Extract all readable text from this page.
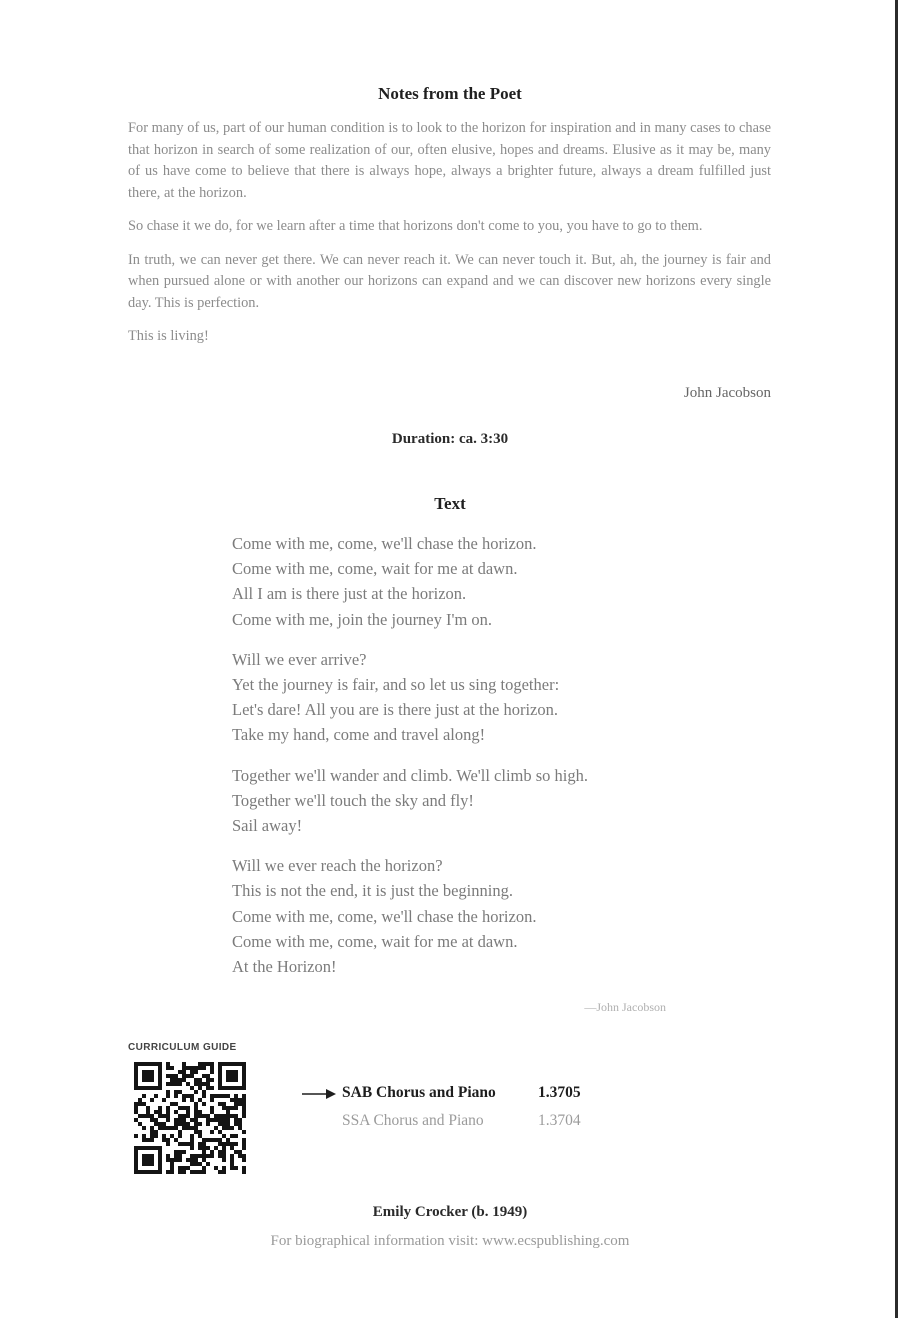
Notes from the Poet

For many of us, part of our human condition is to look to the horizon for inspiration and in many cases to chase that horizon in search of some realization of our, often elusive, hopes and dreams. Elusive as it may be, many of us have come to believe that there is always hope, always a brighter future, always a dream fulfilled just there, at the horizon.

So chase it we do, for we learn after a time that horizons don't come to you, you have to go to them.

In truth, we can never get there. We can never reach it. We can never touch it. But, ah, the journey is fair and when pursued alone or with another our horizons can expand and we can discover new horizons every single day. This is perfection.

This is living!

John Jacobson
Duration: ca. 3:30
Text
Come with me, come, we'll chase the horizon.
Come with me, come, wait for me at dawn.
All I am is there just at the horizon.
Come with me, join the journey I'm on.
Will we ever arrive?
Yet the journey is fair, and so let us sing together:
Let's dare! All you are is there just at the horizon.
Take my hand, come and travel along!
Together we'll wander and climb. We'll climb so high.
Together we'll touch the sky and fly!
Sail away!
Will we ever reach the horizon?
This is not the end, it is just the beginning.
Come with me, come, we'll chase the horizon.
Come with me, come, wait for me at dawn.
At the Horizon!
—John Jacobson
CURRICULUM GUIDE
SAB Chorus and Piano	1.3705
SSA Chorus and Piano	1.3704
Emily Crocker (b. 1949)
For biographical information visit: www.ecspublishing.com
